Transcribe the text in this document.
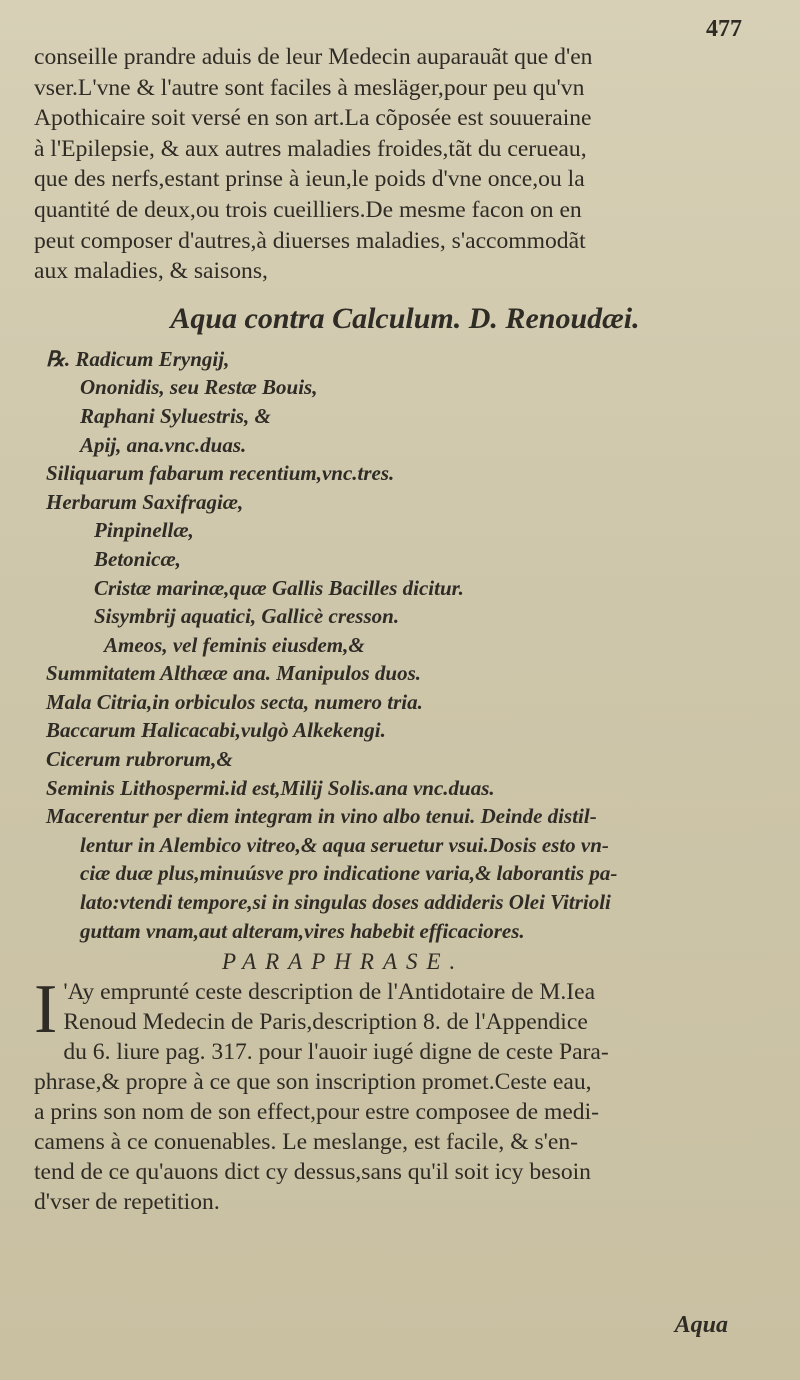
477
conseille prandre aduis de leur Medecin auparauãt que d'en
vser.L'vne & l'autre sont faciles à mesläger,pour peu qu'vn
Apothicaire soit versé en son art.La cõposée est souueraine
à l'Epilepsie, & aux autres maladies froides,tãt du cerueau,
que des nerfs,estant prinse à ieun,le poids d'vne once,ou la
quantité de deux,ou trois cueilliers.De mesme facon on en
peut composer d'autres,à diuerses maladies, s'accommodãt
aux maladies, & saisons,
Aqua contra Calculum. D. Renoudæi.
℞. Radicum Eryngij,
Ononidis, seu Restæ Bouis,
Raphani Syluestris, &
Apij, ana.vnc.duas.
Siliquarum fabarum recentium,vnc.tres.
Herbarum Saxifragiæ,
Pinpinellæ,
Betonicæ,
Cristæ marinæ,quæ Gallis Bacilles dicitur.
Sisymbrij aquatici, Gallicè cresson.
Ameos, vel feminis eiusdem,&
Summitatem Althææ ana. Manipulos duos.
Mala Citria,in orbiculos secta, numero tria.
Baccarum Halicacabi,vulgò Alkekengi.
Cicerum rubrorum,&
Seminis Lithospermi.id est,Milij Solis.ana vnc.duas.
Macerentur per diem integram in vino albo tenui. Deinde distil-
lentur in Alembico vitreo,& aqua seruetur vsui.Dosis esto vn-
ciæ duæ plus,minuúsve pro indicatione varia,& laborantis pa-
lato:vtendi tempore,si in singulas doses addideris Olei Vitrioli
guttam vnam,aut alteram,vires habebit efficaciores.
PARAPHRASE.
I 'Ay emprunté ceste description de l'Antidotaire de M.Iea
Renoud Medecin de Paris,description 8. de l'Appendice
du 6. liure pag. 317. pour l'auoir iugé digne de ceste Para-
phrase,& propre à ce que son inscription promet.Ceste eau,
a prins son nom de son effect,pour estre composee de medi-
camens à ce conuenables. Le meslange, est facile, & s'en-
tend de ce qu'auons dict cy dessus,sans qu'il soit icy besoin
d'vser de repetition.
Aqua
